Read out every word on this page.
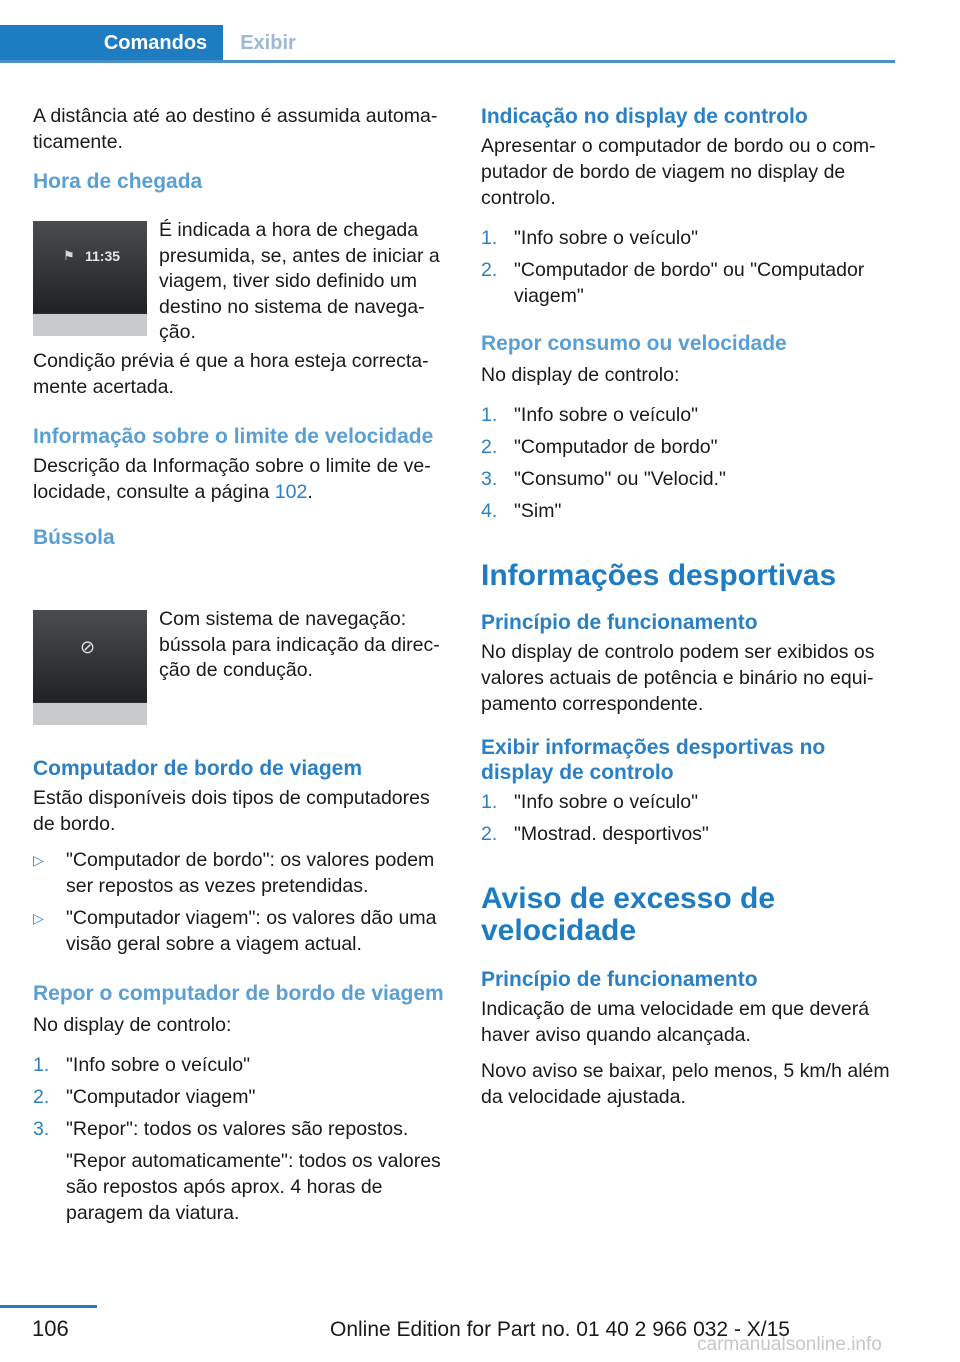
Comandos	Exibir

A distância até ao destino é assumida automaticamente.

Hora de chegada
⚑ 11:35
É indicada a hora de chegada presumida, se, antes de iniciar a viagem, tiver sido definido um destino no sistema de navegação.

Condição prévia é que a hora esteja correctamente acertada.

Informação sobre o limite de velocidade

Descrição da Informação sobre o limite de velocidade, consulte a página 102.

Bússola
⊘
Com sistema de navegação: bússola para indicação da direcção de condução.
Computador de bordo de viagem

Estão disponíveis dois tipos de computadores de bordo.

▷ "Computador de bordo": os valores podem ser repostos as vezes pretendidas.
▷ "Computador viagem": os valores dão uma visão geral sobre a viagem actual.
Repor o computador de bordo de viagem

No display de controlo:

1. "Info sobre o veículo"
2. "Computador viagem"
3. "Repor": todos os valores são repostos.
"Repor automaticamente": todos os valores são repostos após aprox. 4 horas de paragem da viatura.
Indicação no display de controlo

Apresentar o computador de bordo ou o computador de bordo de viagem no display de controlo.

1. "Info sobre o veículo"
2. "Computador de bordo" ou "Computador viagem"
Repor consumo ou velocidade

No display de controlo:

1. "Info sobre o veículo"
2. "Computador de bordo"
3. "Consumo" ou "Velocid."
4. "Sim"
Informações desportivas
Princípio de funcionamento

No display de controlo podem ser exibidos os valores actuais de potência e binário no equipamento correspondente.

Exibir informações desportivas no display de controlo
1. "Info sobre o veículo"
2. "Mostrad. desportivos"
Aviso de excesso de velocidade
Princípio de funcionamento

Indicação de uma velocidade em que deverá haver aviso quando alcançada.

Novo aviso se baixar, pelo menos, 5 km/h além da velocidade ajustada.

106	Online Edition for Part no. 01 40 2 966 032 - X/15
carmanualsonline.info
